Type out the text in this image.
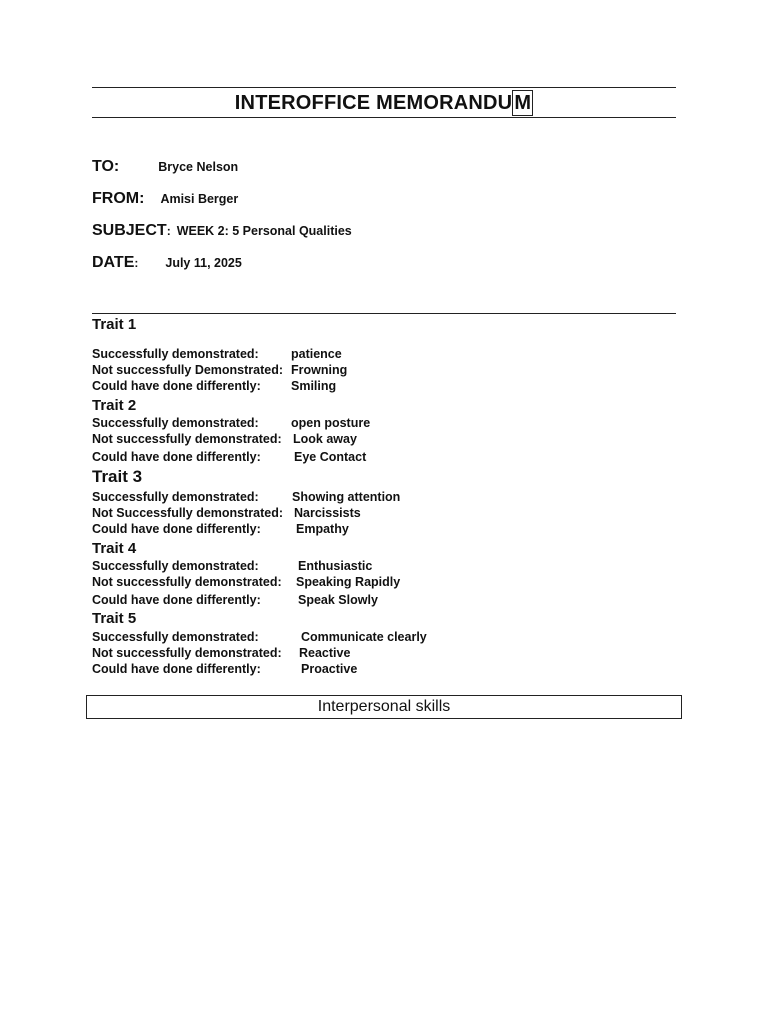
INTEROFFICE MEMORANDU M
TO:	Bryce Nelson
FROM: Amisi Berger
SUBJECT : WEEK 2: 5 Personal Qualities
DATE : July 11, 2025
Trait 1
Successfully demonstrated:	patience
Not successfully Demonstrated: Frowning
Could have done differently: Smiling
Trait 2
Successfully demonstrated:	open posture
Not successfully demonstrated: Look away
Could have done differently:	Eye Contact
Trait 3
Successfully demonstrated:	Showing attention
Not Successfully demonstrated: Narcissists
Could have done differently:	Empathy
Trait 4
Successfully demonstrated:	Enthusiastic
Not successfully demonstrated: Speaking Rapidly
Could have done differently:	Speak Slowly
Trait 5
Successfully demonstrated:	Communicate clearly
Not successfully demonstrated: Reactive
Could have done differently:	Proactive
Interpersonal skills
